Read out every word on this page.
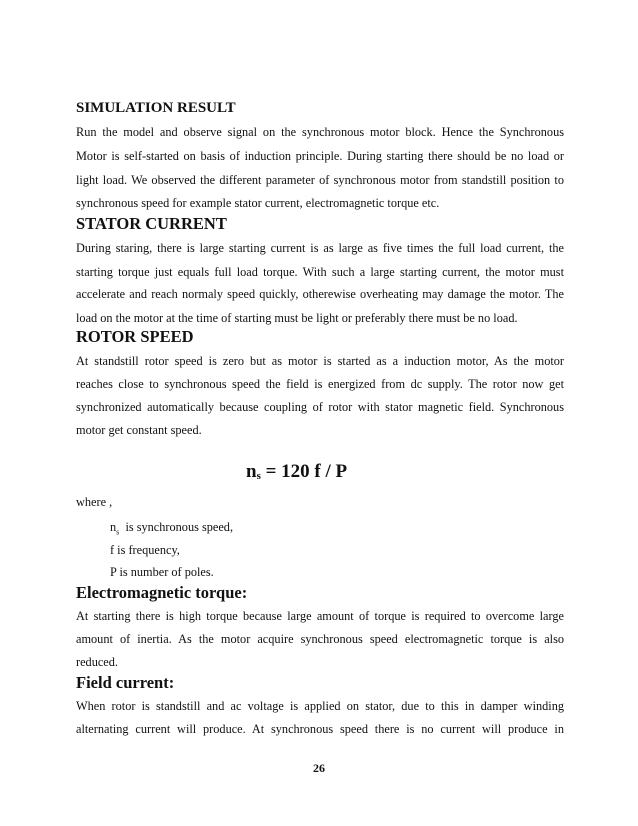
SIMULATION RESULT
Run the model and observe signal on the synchronous motor block. Hence the Synchronous
Motor is self-started on basis of induction principle. During starting there should be no load or
light load. We observed the different parameter of synchronous motor from standstill position to
synchronous speed for example stator current, electromagnetic torque etc.
STATOR CURRENT
During staring, there is large starting current is as large as five times the full load current, the
starting torque just equals full load torque. With such a large starting current, the motor must
accelerate and reach normaly speed quickly, otherewise overheating may damage the motor. The
load on the motor at the time of starting must be light or preferably there must be no load.
ROTOR SPEED
At standstill rotor speed is zero but as motor is started as a induction motor, As the motor
reaches close to synchronous speed the field is energized from dc supply. The rotor now get
synchronized automatically because coupling of rotor with stator magnetic field. Synchronous
motor get constant speed.
$n_s = 120$ f / P
where ,
$n_s$ is synchronous speed,
f is frequency,
P is number of poles.
Electromagnetic torque:
At starting there is high torque because large amount of torque is required to overcome large
amount of inertia. As the motor acquire synchronous speed electromagnetic torque is also
reduced.
Field current:
When rotor is standstill and ac voltage is applied on stator, due to this in damper winding
alternating current will produce. At synchronous speed there is no current will produce in
26
